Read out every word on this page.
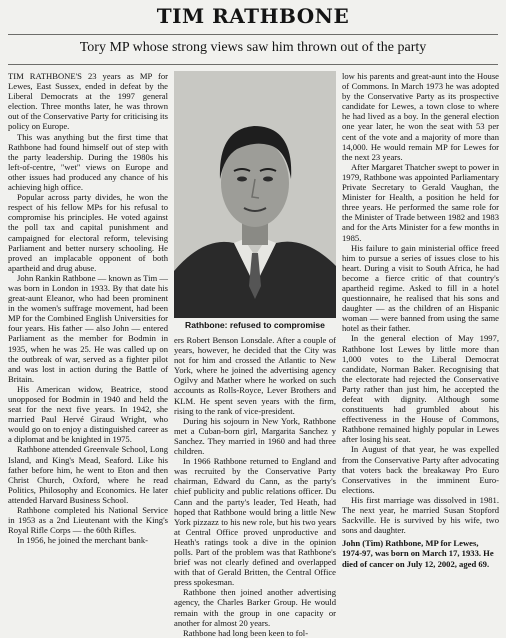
TIM RATHBONE
Tory MP whose strong views saw him thrown out of the party

TIM RATHBONE'S 23 years as MP for Lewes, East Sussex, ended in defeat by the Liberal Democrats at the 1997 general election. Three months later, he was thrown out of the Conservative Party for criticising its policy on Europe.

This was anything but the first time that Rathbone had found himself out of step with the party leadership. During the 1980s his left-of-centre, "wet" views on Europe and other issues had produced any chance of his achieving high office.

Popular across party divides, he won the respect of his fellow MPs for his refusal to compromise his principles. He voted against the poll tax and capital punishment and campaigned for electoral reform, televising Parliament and better nursery schooling. He proved an implacable opponent of both apartheid and drug abuse.

John Rankin Rathbone — known as Tim — was born in London in 1933. By that date his great-aunt Eleanor, who had been prominent in the women's suffrage movement, had been MP for the Combined English Universities for four years. His father — also John — entered Parliament as the member for Bodmin in 1935, when he was 25. He was called up on the outbreak of war, served as a fighter pilot and was lost in action during the Battle of Britain.

His American widow, Beatrice, stood unopposed for Bodmin in 1940 and held the seat for the next five years. In 1942, she married Paul Hervé Giraud Wright, who would go on to enjoy a distinguished career as a diplomat and be knighted in 1975.

Rathbone attended Greenvale School, Long Island, and King's Mead, Seaford. Like his father before him, he went to Eton and then Christ Church, Oxford, where he read Politics, Philosophy and Economics. He later attended Harvard Business School.

Rathbone completed his National Service in 1953 as a 2nd Lieutenant with the King's Royal Rifle Corps — the 60th Rifles.

In 1956, he joined the merchant bank-

Rathbone: refused to compromise

ers Robert Benson Lonsdale. After a couple of years, however, he decided that the City was not for him and crossed the Atlantic to New York, where he joined the advertising agency Ogilvy and Mather where he worked on such accounts as Rolls-Royce, Lever Brothers and KLM. He spent seven years with the firm, rising to the rank of vice-president.

During his sojourn in New York, Rathbone met a Cuban-born girl, Margarita Sanchez y Sanchez. They married in 1960 and had three children.

In 1966 Rathbone returned to England and was recruited by the Conservative Party chairman, Edward du Cann, as the party's chief publicity and public relations officer. Du Cann and the party's leader, Ted Heath, had hoped that Rathbone would bring a little New York pizzazz to his new role, but his two years at Central Office proved unproductive and Heath's ratings took a dive in the opinion polls. Part of the problem was that Rathbone's brief was not clearly defined and overlapped with that of Gerald Britten, the Central Office press spokesman.

Rathbone then joined another advertising agency, the Charles Barker Group. He would remain with the group in one capacity or another for almost 20 years.

Rathbone had long been keen to fol-

low his parents and great-aunt into the House of Commons. In March 1973 he was adopted by the Conservative Party as its prospective candidate for Lewes, a town close to where he had lived as a boy. In the general election one year later, he won the seat with 53 per cent of the vote and a majority of more than 14,000. He would remain MP for Lewes for the next 23 years.

After Margaret Thatcher swept to power in 1979, Rathbone was appointed Parliamentary Private Secretary to Gerald Vaughan, the Minister for Health, a position he held for three years. He performed the same role for the Minister of Trade between 1982 and 1983 and for the Arts Minister for a few months in 1985.

His failure to gain ministerial office freed him to pursue a series of issues close to his heart. During a visit to South Africa, he had become a fierce critic of that country's apartheid regime. Asked to fill in a hotel questionnaire, he realised that his sons and daughter — as the children of an Hispanic woman — were banned from using the same hotel as their father.

In the general election of May 1997, Rathbone lost Lewes by little more than 1,000 votes to the Liberal Democrat candidate, Norman Baker. Recognising that the electorate had rejected the Conservative Party rather than just him, he accepted the defeat with dignity. Although some constituents had grumbled about his effectiveness in the House of Commons, Rathbone remained highly popular in Lewes after losing his seat.

In August of that year, he was expelled from the Conservative Party after advocating that voters back the breakaway Pro Euro Conservatives in the imminent Euro-elections.

His first marriage was dissolved in 1981. The next year, he married Susan Stopford Sackville. He is survived by his wife, two sons and daughter.

John (Tim) Rathbone, MP for Lewes, 1974-97, was born on March 17, 1933. He died of cancer on July 12, 2002, aged 69.
